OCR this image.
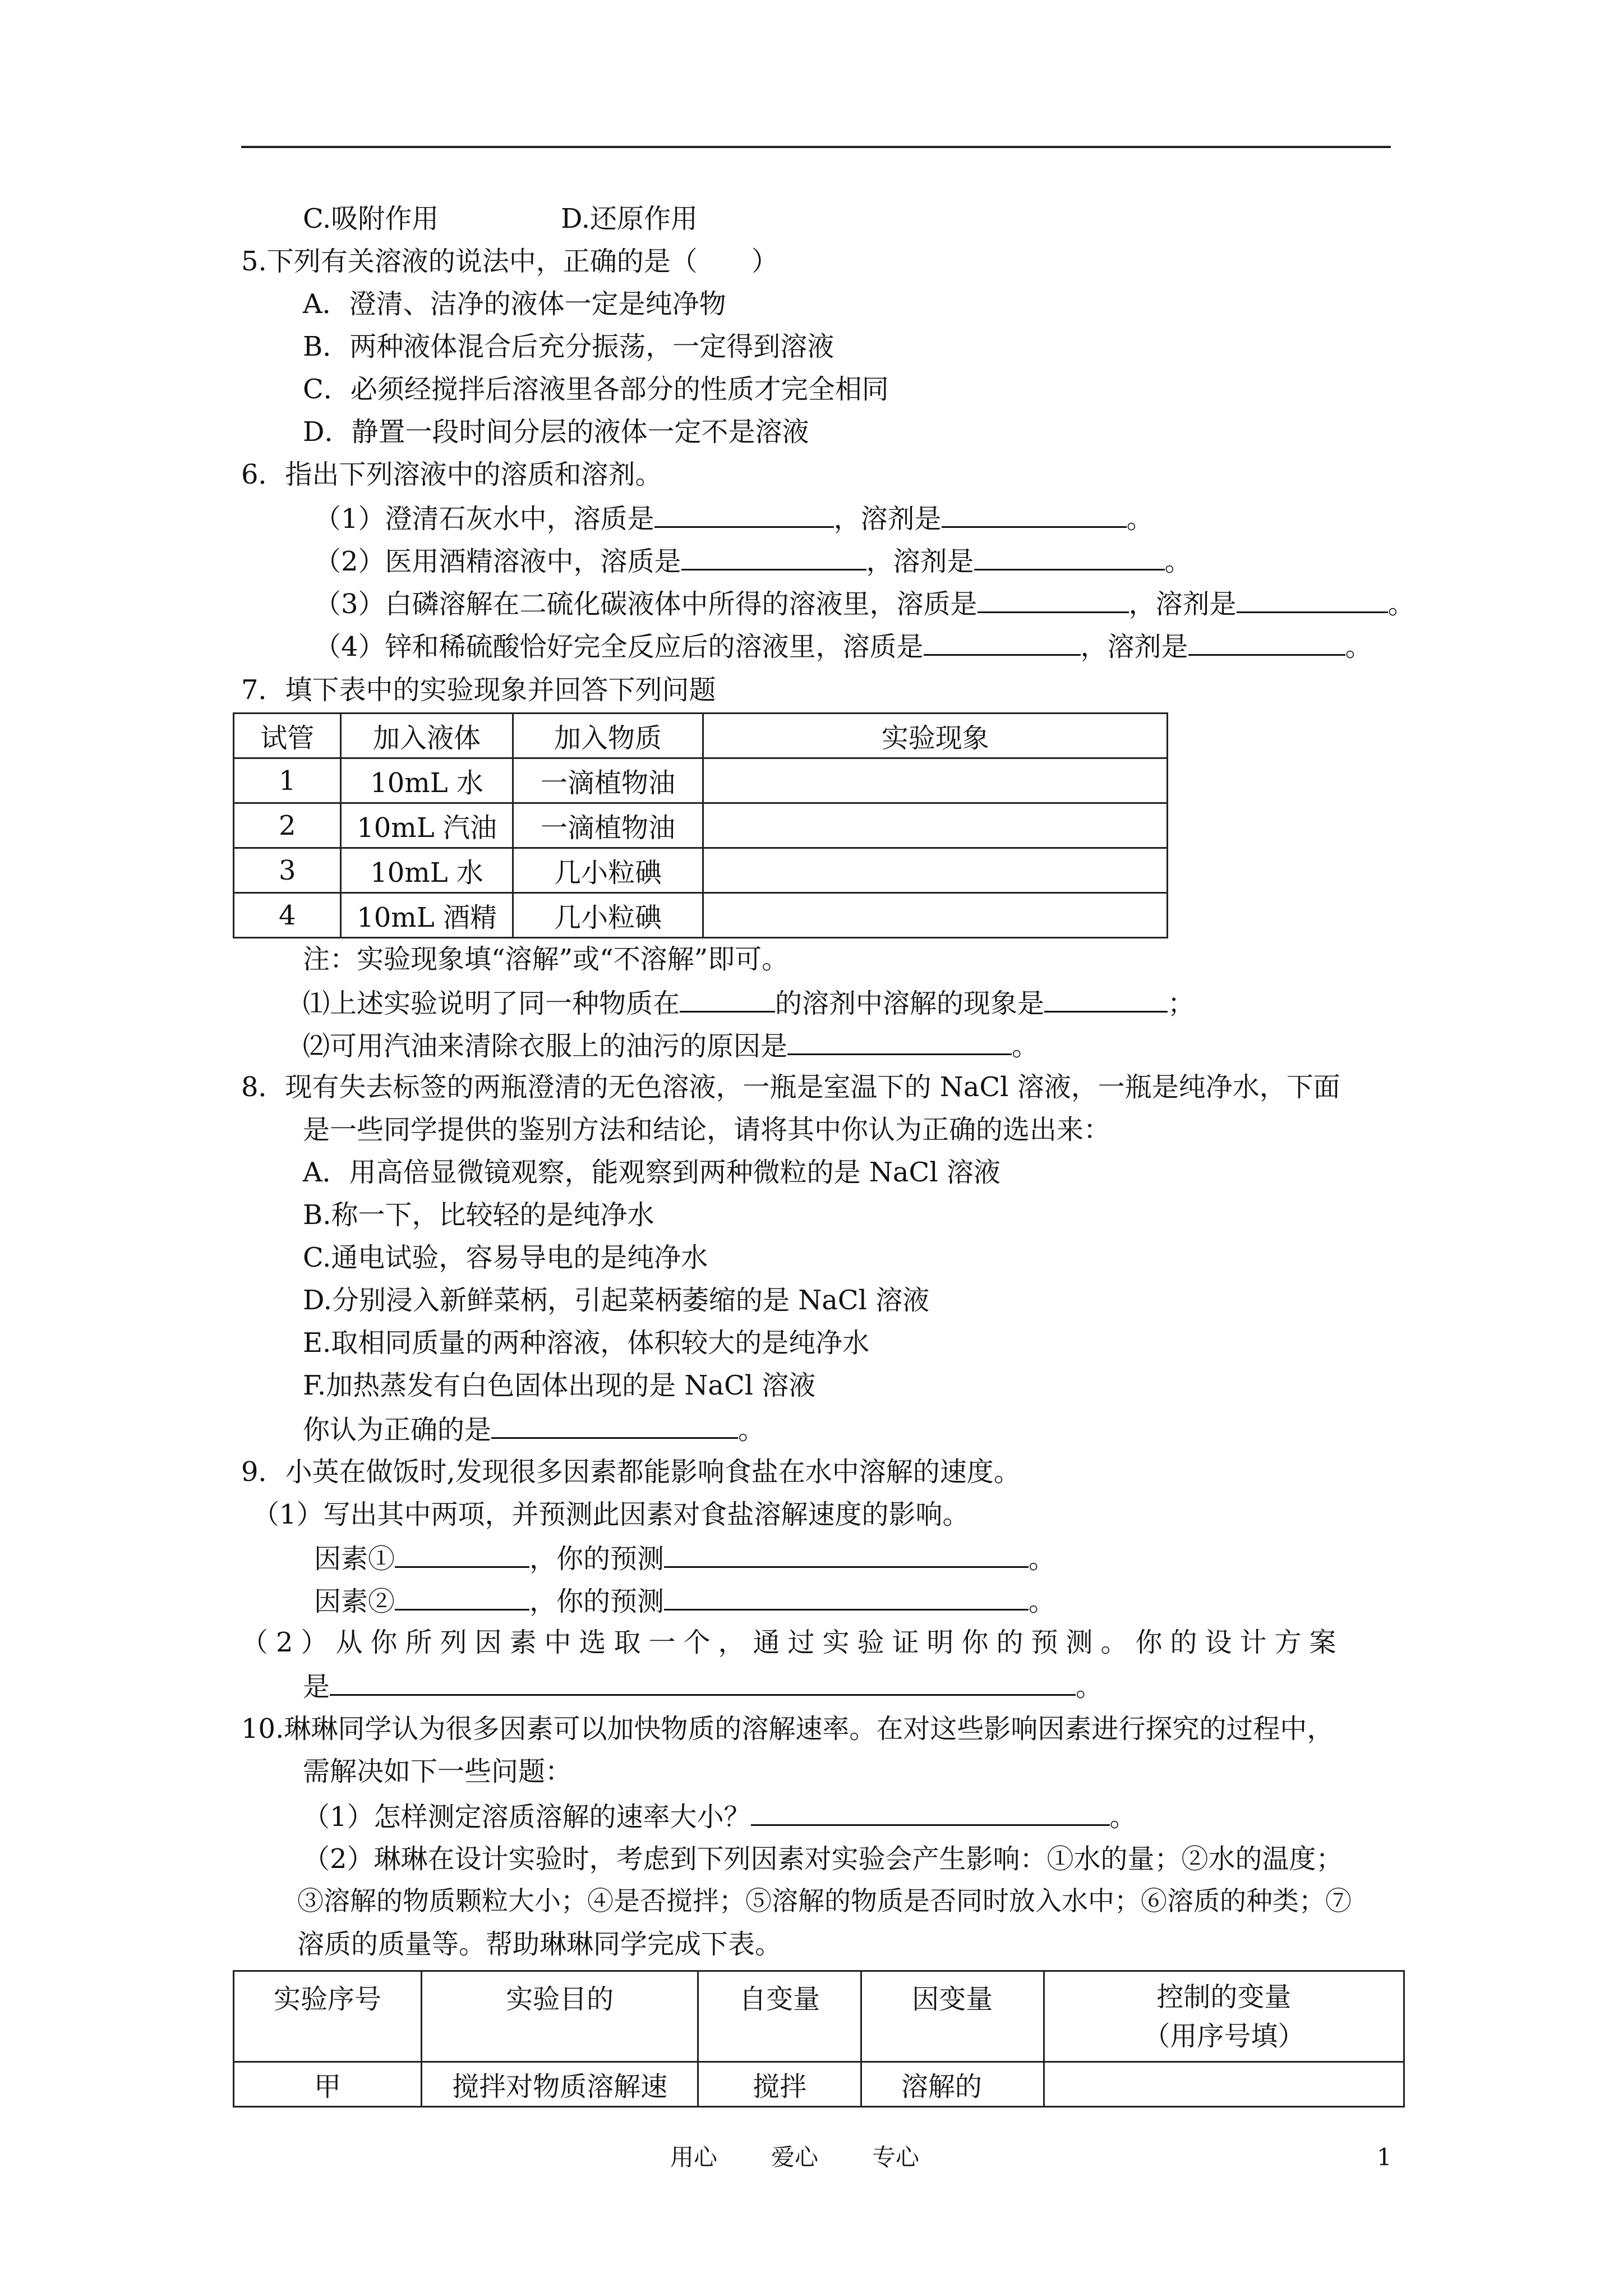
C.吸附作用	D.还原作用
5.下列有关溶液的说法中，正确的是（　　）
A．澄清、洁净的液体一定是纯净物
B．两种液体混合后充分振荡，一定得到溶液
C．必须经搅拌后溶液里各部分的性质才完全相同
D．静置一段时间分层的液体一定不是溶液
6．指出下列溶液中的溶质和溶剂。
（1）澄清石灰水中，溶质是	，溶剂是	。
（2）医用酒精溶液中，溶质是	，溶剂是	。
（3）白磷溶解在二硫化碳液体中所得的溶液里，溶质是	，溶剂是	。
（4）锌和稀硫酸恰好完全反应后的溶液里，溶质是	，溶剂是	。
7．填下表中的实验现象并回答下列问题
试管	加入液体	加入物质	实验现象
1	10mL 水	一滴植物油	
2	10mL 汽油	一滴植物油	
3	10mL 水	几小粒碘	
4	10mL 酒精	几小粒碘	
注：实验现象填“溶解”或“不溶解”即可。
⑴上述实验说明了同一种物质在	的溶剂中溶解的现象是	；
⑵可用汽油来清除衣服上的油污的原因是	。
8．现有失去标签的两瓶澄清的无色溶液，一瓶是室温下的 NaCl 溶液，一瓶是纯净水，下面
是一些同学提供的鉴别方法和结论，请将其中你认为正确的选出来：
A．用高倍显微镜观察，能观察到两种微粒的是 NaCl 溶液
B.称一下，比较轻的是纯净水
C.通电试验，容易导电的是纯净水
D.分别浸入新鲜菜柄，引起菜柄萎缩的是 NaCl 溶液
E.取相同质量的两种溶液，体积较大的是纯净水
F.加热蒸发有白色固体出现的是 NaCl 溶液
你认为正确的是	。
9．小英在做饭时,发现很多因素都能影响食盐在水中溶解的速度。
（1）写出其中两项，并预测此因素对食盐溶解速度的影响。
因素①	，你的预测	。
因素②	，你的预测	。
（2）从你所列因素中选取一个，通过实验证明你的预测。你的设计方案
是	。
10.琳琳同学认为很多因素可以加快物质的溶解速率。在对这些影响因素进行探究的过程中，
需解决如下一些问题：
（1）怎样测定溶质溶解的速率大小？	。
（2）琳琳在设计实验时，考虑到下列因素对实验会产生影响：①水的量；②水的温度；
③溶解的物质颗粒大小；④是否搅拌；⑤溶解的物质是否同时放入水中；⑥溶质的种类；⑦
溶质的质量等。帮助琳琳同学完成下表。
实验序号	实验目的	自变量	因变量	控制的变量
（用序号填）

甲	搅拌对物质溶解速	搅拌	溶解的	
用心 爱心 专心	1
